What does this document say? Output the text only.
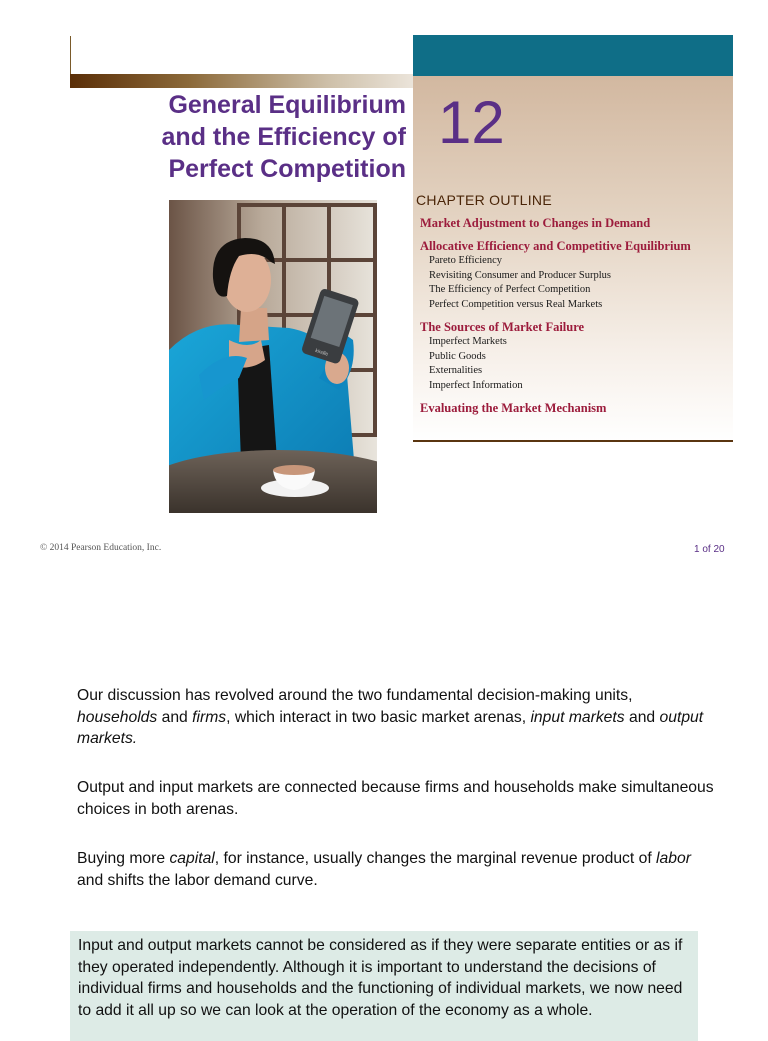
General Equilibrium
and the Efficiency of
Perfect Competition
12
CHAPTER OUTLINE
Market Adjustment to Changes in Demand
Allocative Efficiency and Competitive Equilibrium
Pareto Efficiency
Revisiting Consumer and Producer Surplus
The Efficiency of Perfect Competition
Perfect Competition versus Real Markets
The Sources of Market Failure
Imperfect Markets
Public Goods
Externalities
Imperfect Information
Evaluating the Market Mechanism
kindle
© 2014 Pearson Education, Inc.	1 of 20

Our discussion has revolved around the two fundamental decision-making units, households and firms, which interact in two basic market arenas, input markets and output markets.

Output and input markets are connected because firms and households make simultaneous choices in both arenas.

Buying more capital, for instance, usually changes the marginal revenue product of labor and shifts the labor demand curve.

Input and output markets cannot be considered as if they were separate entities or as if they operated independently. Although it is important to understand the decisions of individual firms and households and the functioning of individual markets, we now need to add it all up so we can look at the operation of the economy as a whole.
